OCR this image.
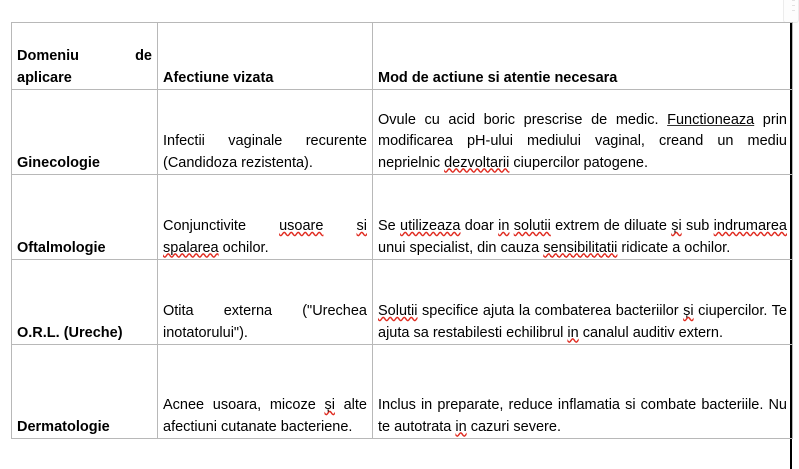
Domeniu de
aplicare	Afectiune vizata	Mod de actiune si atentie necesara
Ginecologie	Infectii vaginale recurente (Candidoza rezistenta).	Ovule cu acid boric prescrise de medic. Functioneaza prin modificarea pH-ului mediului vaginal, creand un mediu neprielnic dezvoltarii ciupercilor patogene.
Oftalmologie	Conjunctivite usoare si spalarea ochilor.	Se utilizeaza doar in solutii extrem de diluate și sub indrumarea unui specialist, din cauza sensibilitatii ridicate a ochilor.
O.R.L. (Ureche)	Otita externa ("Urechea inotatorului").	Solutii specifice ajuta la combaterea bacteriilor și ciupercilor. Te ajuta sa restabilesti echilibrul in canalul auditiv extern.
Dermatologie	Acnee usoara, micoze și alte afectiuni cutanate bacteriene.	Inclus in preparate, reduce inflamatia si combate bacteriile. Nu te autotrata in cazuri severe.
